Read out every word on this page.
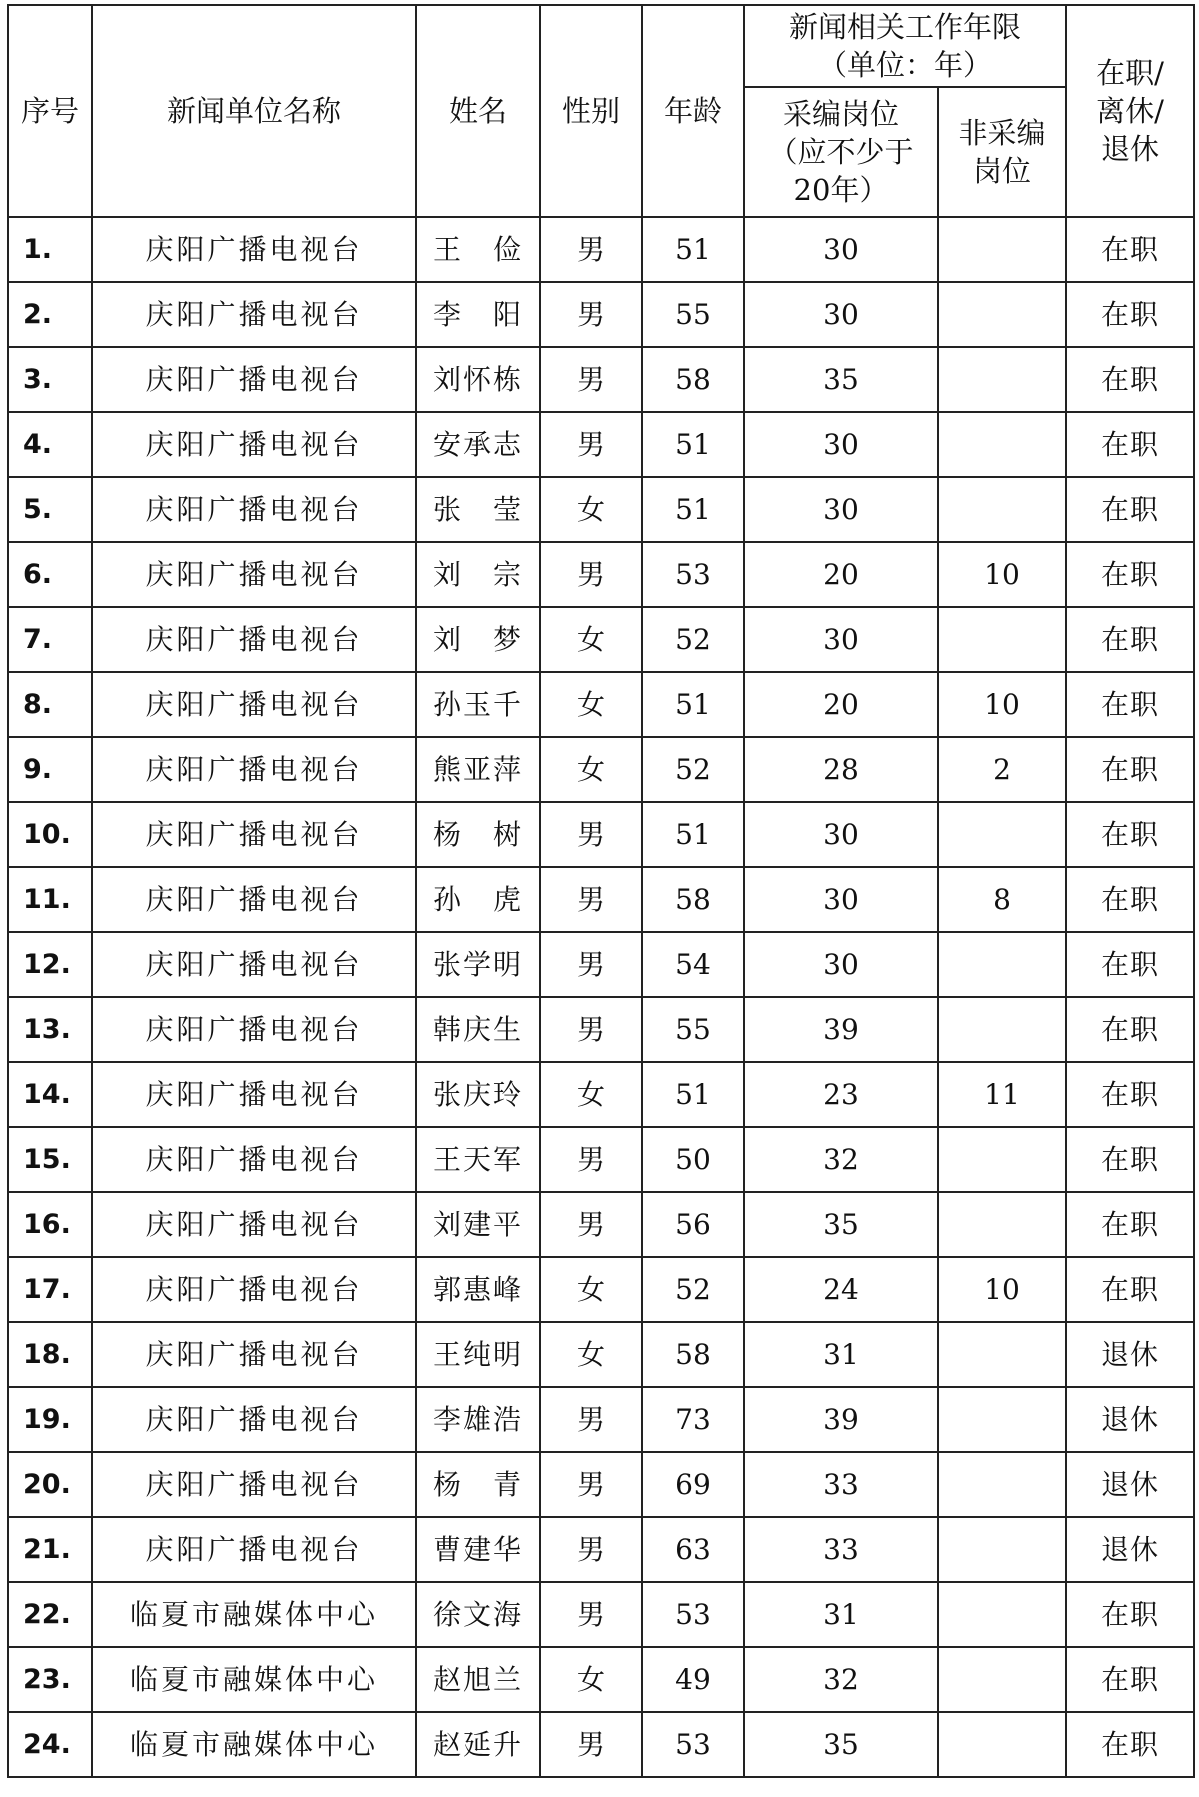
序号	新闻单位名称	姓名	性别	年龄	新闻相关工作年限（单位：年）		在职/离休/退休
					采编岗位（应不少于20年）	非采编岗位	
1.	庆阳广播电视台	王　俭	男	51	30		在职
2.	庆阳广播电视台	李　阳	男	55	30		在职
3.	庆阳广播电视台	刘怀栋	男	58	35		在职
4.	庆阳广播电视台	安承志	男	51	30		在职
5.	庆阳广播电视台	张　莹	女	51	30		在职
6.	庆阳广播电视台	刘　宗	男	53	20	10	在职
7.	庆阳广播电视台	刘　梦	女	52	30		在职
8.	庆阳广播电视台	孙玉千	女	51	20	10	在职
9.	庆阳广播电视台	熊亚萍	女	52	28	2	在职
10.	庆阳广播电视台	杨　树	男	51	30		在职
11.	庆阳广播电视台	孙　虎	男	58	30	8	在职
12.	庆阳广播电视台	张学明	男	54	30		在职
13.	庆阳广播电视台	韩庆生	男	55	39		在职
14.	庆阳广播电视台	张庆玲	女	51	23	11	在职
15.	庆阳广播电视台	王天军	男	50	32		在职
16.	庆阳广播电视台	刘建平	男	56	35		在职
17.	庆阳广播电视台	郭惠峰	女	52	24	10	在职
18.	庆阳广播电视台	王纯明	女	58	31		退休
19.	庆阳广播电视台	李雄浩	男	73	39		退休
20.	庆阳广播电视台	杨　青	男	69	33		退休
21.	庆阳广播电视台	曹建华	男	63	33		退休
22.	临夏市融媒体中心	徐文海	男	53	31		在职
23.	临夏市融媒体中心	赵旭兰	女	49	32		在职
24.	临夏市融媒体中心	赵延升	男	53	35		在职
